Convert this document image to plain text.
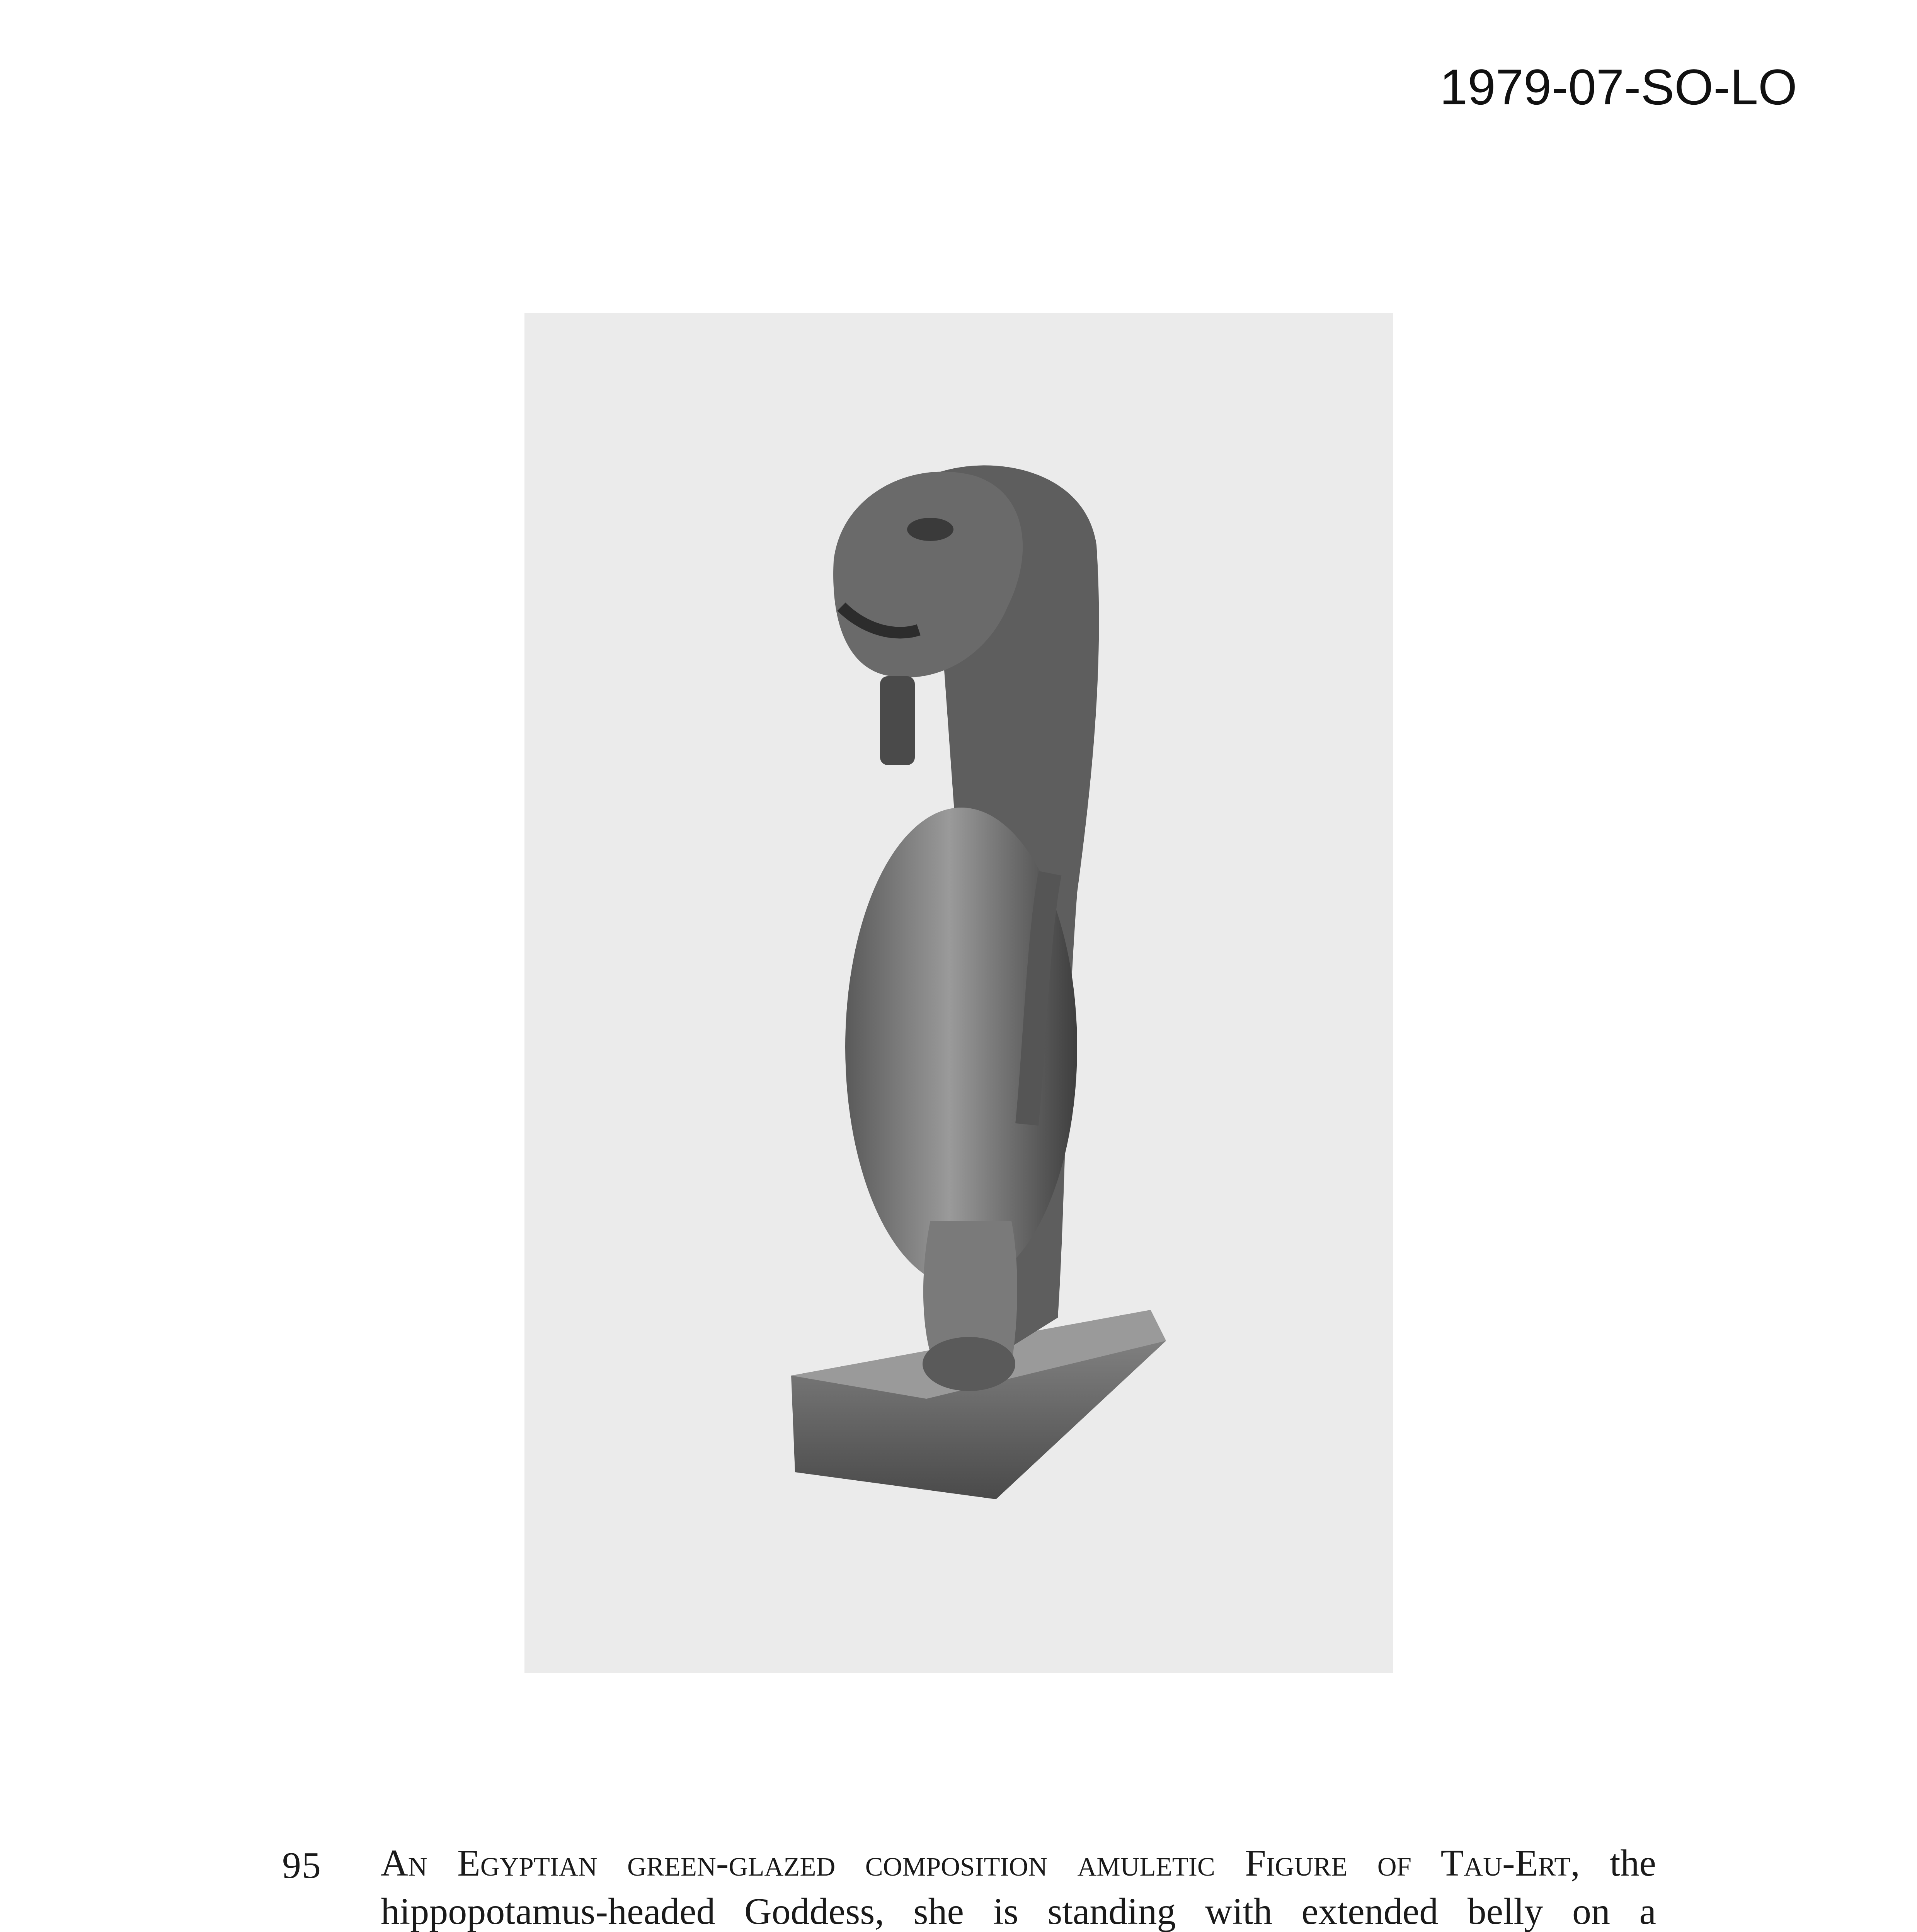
1979-07-SO-LO
95 An Egyptian green-glazed composition amuletic Figure of Tau-Ert, the hippopotamus-headed Goddess, she is standing with extended belly on a
